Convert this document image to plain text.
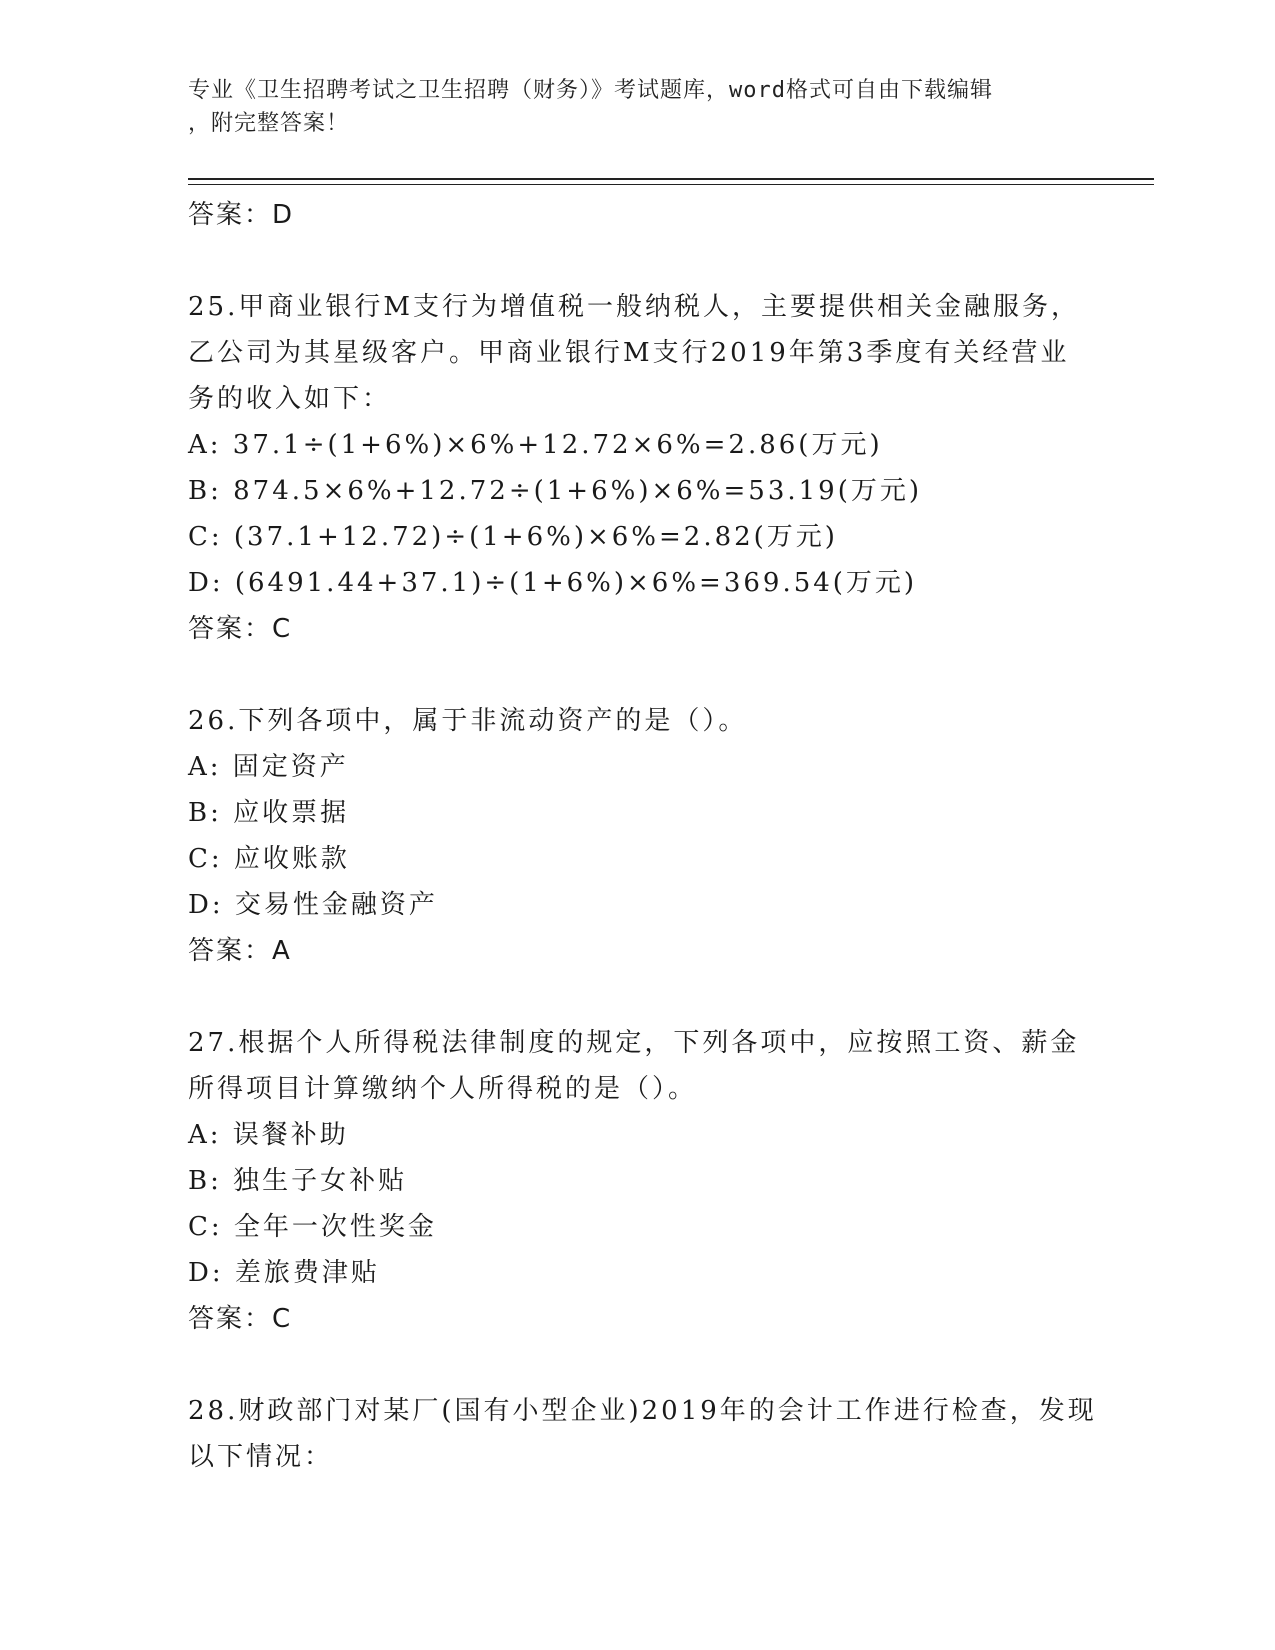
专业《卫生招聘考试之卫生招聘（财务）》考试题库，word格式可自由下载编辑
，附完整答案！
答案：D
25.甲商业银行M支行为增值税一般纳税人，主要提供相关金融服务，
乙公司为其星级客户。甲商业银行M支行2019年第3季度有关经营业
务的收入如下：
A: 37.1÷(1+6%)×6%+12.72×6%=2.86(万元)
B: 874.5×6%+12.72÷(1+6%)×6%=53.19(万元)
C: (37.1+12.72)÷(1+6%)×6%=2.82(万元)
D: (6491.44+37.1)÷(1+6%)×6%=369.54(万元)
答案：C
26.下列各项中，属于非流动资产的是（）。
A: 固定资产
B: 应收票据
C: 应收账款
D: 交易性金融资产
答案：A
27.根据个人所得税法律制度的规定，下列各项中，应按照工资、薪金
所得项目计算缴纳个人所得税的是（）。
A: 误餐补助
B: 独生子女补贴
C: 全年一次性奖金
D: 差旅费津贴
答案：C
28.财政部门对某厂(国有小型企业)2019年的会计工作进行检查，发现
以下情况：
